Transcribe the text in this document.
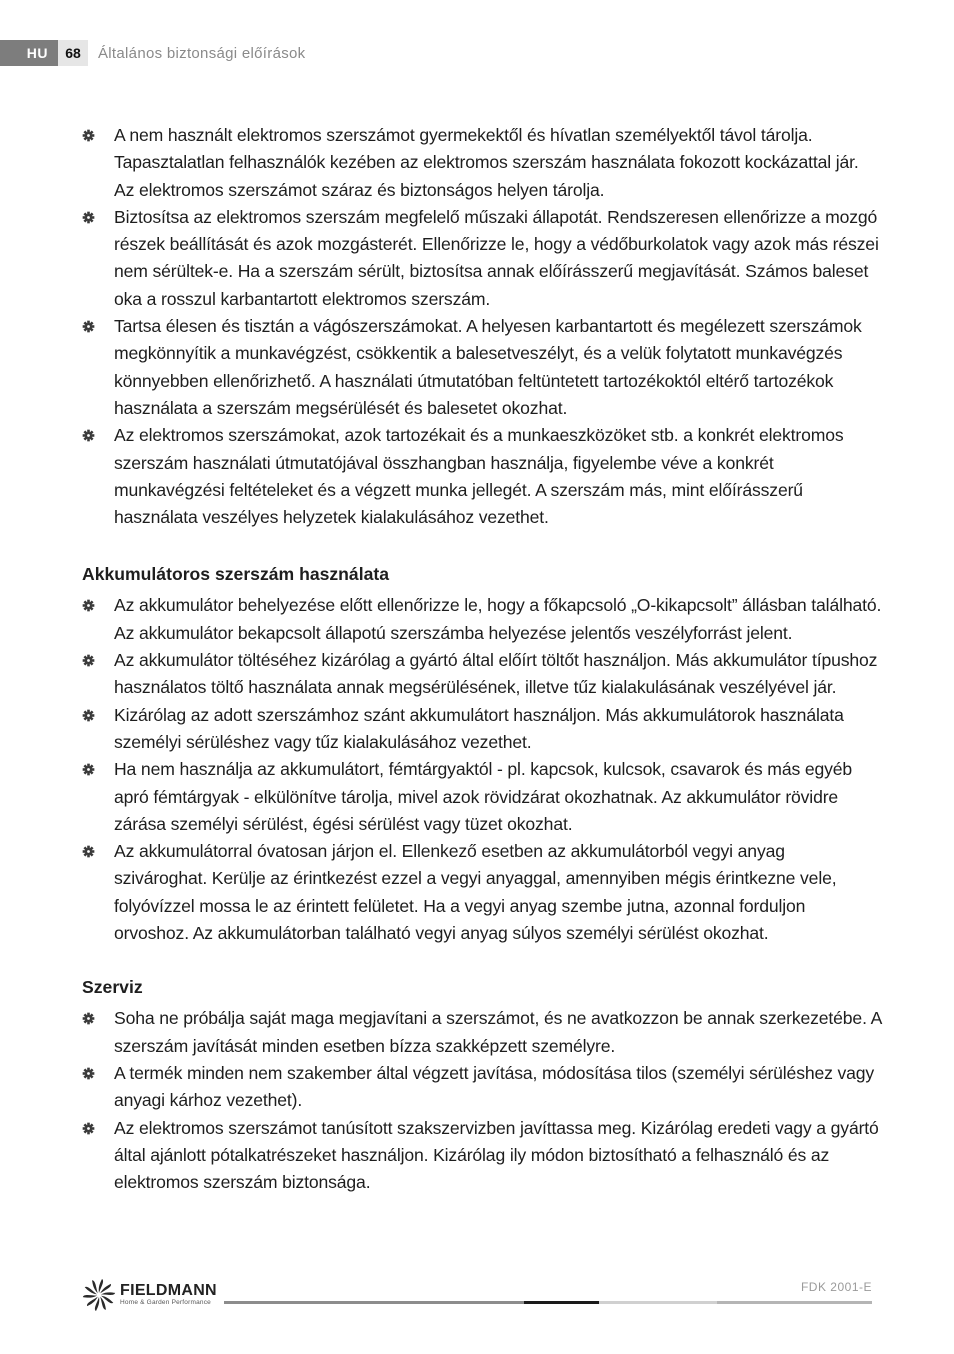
HU	68	Általános biztonsági előírások
A nem használt elektromos szerszámot gyermekektől és hívatlan személyektől távol tárolja. Tapasztalatlan felhasználók kezében az elektromos szerszám használata fokozott kockázattal jár. Az elektromos szerszámot száraz és biztonságos helyen tárolja.
Biztosítsa az elektromos szerszám megfelelő műszaki állapotát. Rendszeresen ellenőrizze a mozgó részek beállítását és azok mozgásterét. Ellenőrizze le, hogy a védőburkolatok vagy azok más részei nem sérültek-e. Ha a szerszám sérült, biztosítsa annak előírásszerű megjavítását. Számos baleset oka a rosszul karbantartott elektromos szerszám.
Tartsa élesen és tisztán a vágószerszámokat. A helyesen karbantartott és megélezett szerszámok megkönnyítik a munkavégzést, csökkentik a balesetveszélyt, és a velük folytatott munkavégzés könnyebben ellenőrizhető. A használati útmutatóban feltüntetett tartozékoktól eltérő tartozékok használata a szerszám megsérülését és balesetet okozhat.
Az elektromos szerszámokat, azok tartozékait és a munkaeszközöket stb. a konkrét elektromos szerszám használati útmutatójával összhangban használja, figyelembe véve a konkrét munkavégzési feltételeket és a végzett munka jellegét. A szerszám más, mint előírásszerű használata veszélyes helyzetek kialakulásához vezethet.
Akkumulátoros szerszám használata
Az akkumulátor behelyezése előtt ellenőrizze le, hogy a főkapcsoló „O-kikapcsolt” állásban található. Az akkumulátor bekapcsolt állapotú szerszámba helyezése jelentős veszélyforrást jelent.
Az akkumulátor töltéséhez kizárólag a gyártó által előírt töltőt használjon. Más akkumulátor típushoz használatos töltő használata annak megsérülésének, illetve tűz kialakulásának veszélyével jár.
Kizárólag az adott szerszámhoz szánt akkumulátort használjon. Más akkumulátorok használata személyi sérüléshez vagy tűz kialakulásához vezethet.
Ha nem használja az akkumulátort, fémtárgyaktól - pl. kapcsok, kulcsok, csavarok és más egyéb apró fémtárgyak - elkülönítve tárolja, mivel azok rövidzárat okozhatnak. Az akkumulátor rövidre zárása személyi sérülést, égési sérülést vagy tüzet okozhat.
Az akkumulátorral óvatosan járjon el. Ellenkező esetben az akkumulátorból vegyi anyag szivároghat. Kerülje az érintkezést ezzel a vegyi anyaggal, amennyiben mégis érintkezne vele, folyóvízzel mossa le az érintett felületet. Ha a vegyi anyag szembe jutna, azonnal forduljon orvoshoz. Az akkumulátorban található vegyi anyag súlyos személyi sérülést okozhat.
Szerviz
Soha ne próbálja saját maga megjavítani a szerszámot, és ne avatkozzon be annak szerkezetébe. A szerszám javítását minden esetben bízza szakképzett személyre.
A termék minden nem szakember által végzett javítása, módosítása tilos (személyi sérüléshez vagy anyagi kárhoz vezethet).
Az elektromos szerszámot tanúsított szakszervizben javíttassa meg. Kizárólag eredeti vagy a gyártó által ajánlott pótalkatrészeket használjon. Kizárólag ily módon biztosítható a felhasználó és az elektromos szerszám biztonsága.
FIELDMANN
Home & Garden Performance
FDK 2001-E
